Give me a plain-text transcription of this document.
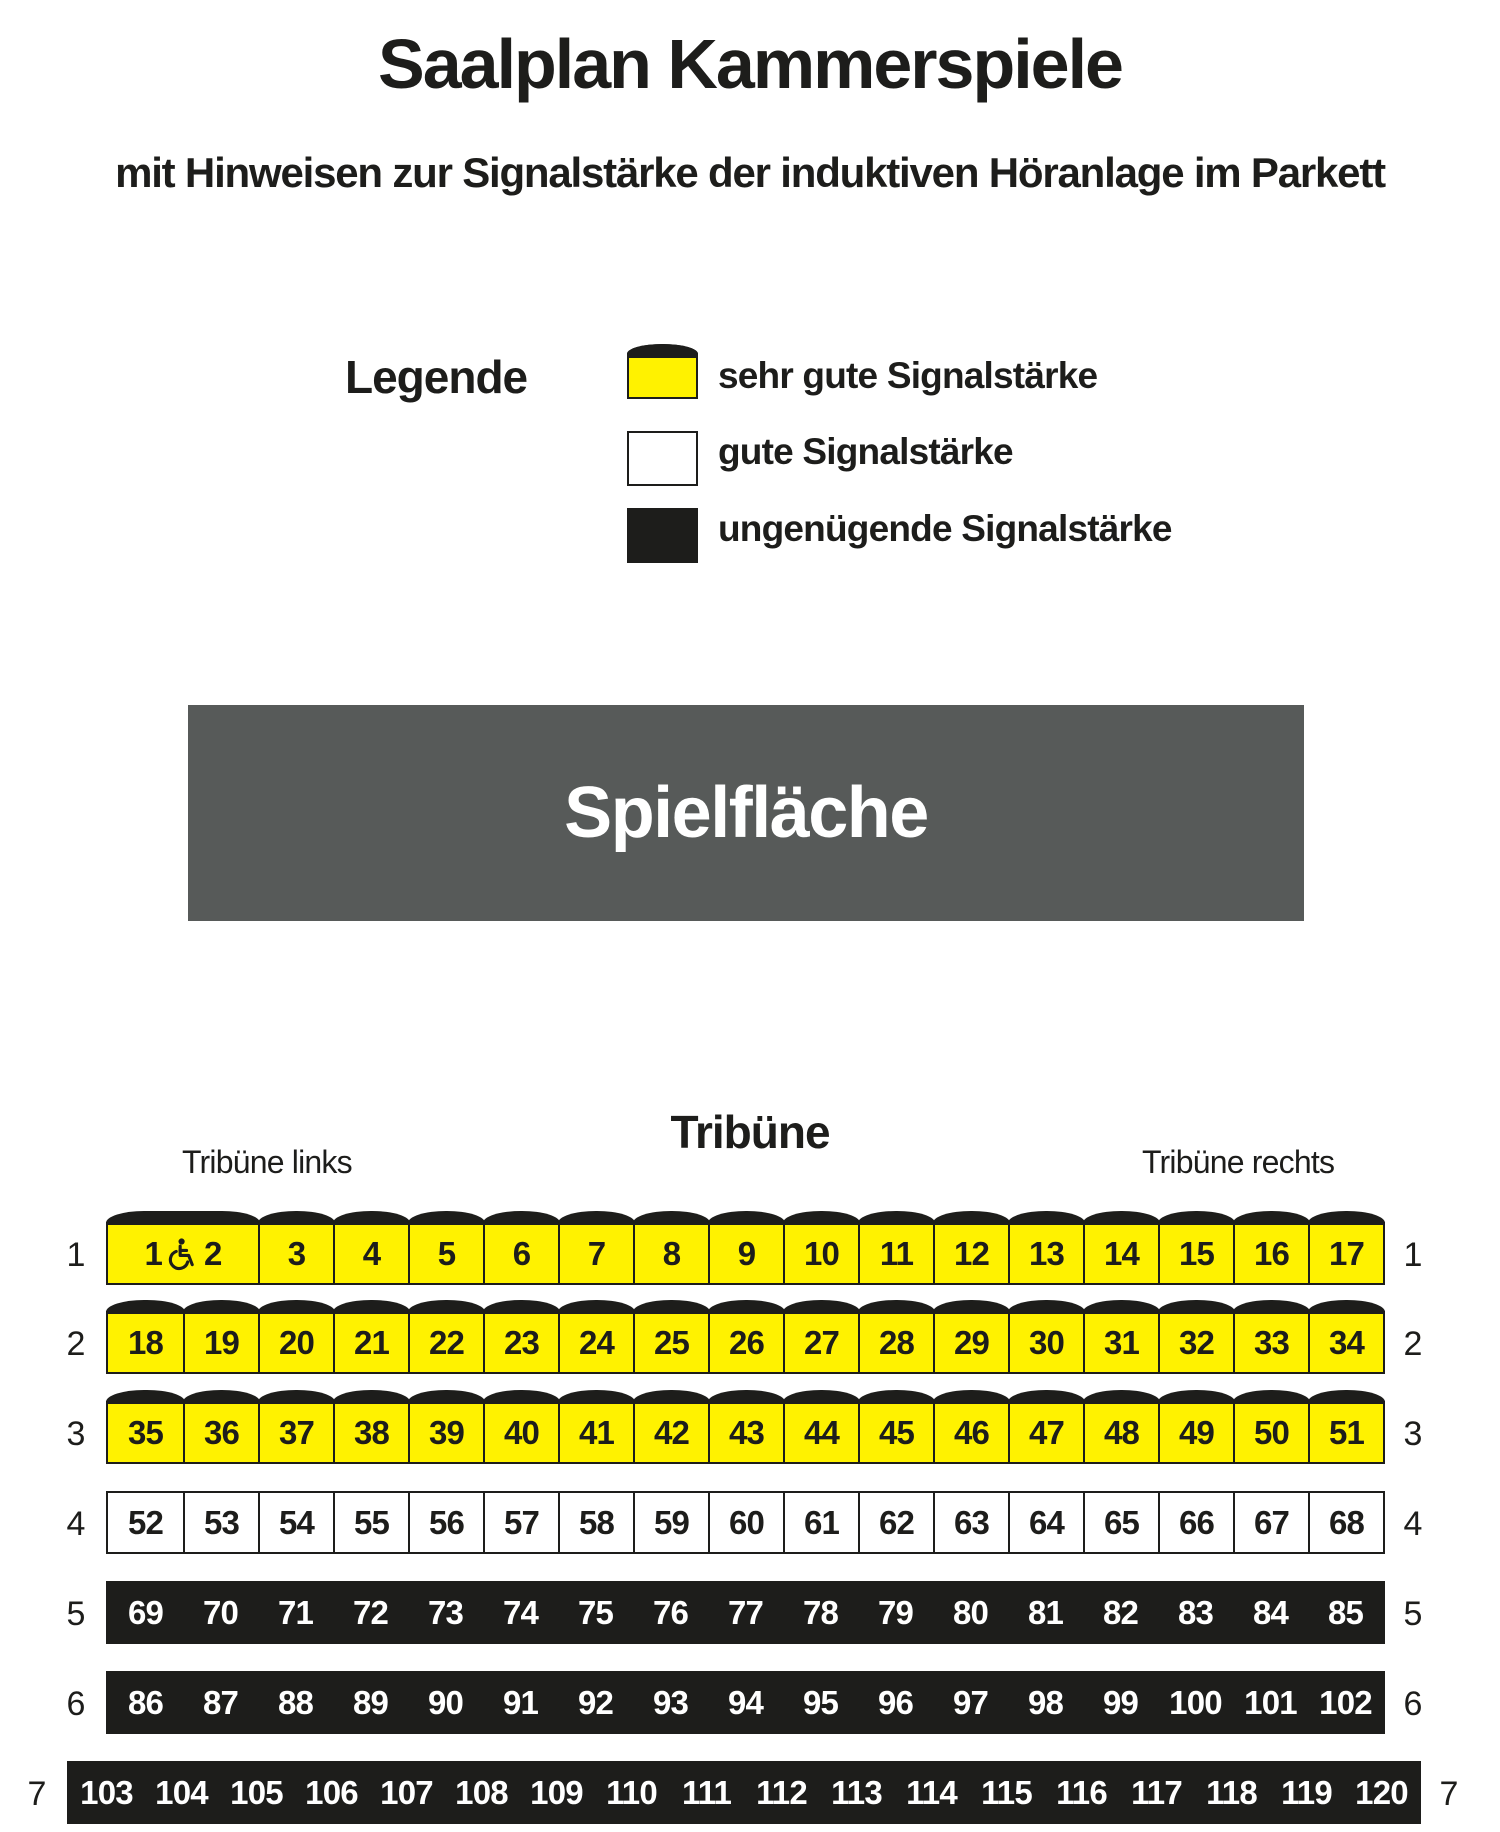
Saalplan Kammerspiele
mit Hinweisen zur Signalstärke der induktiven Höranlage im Parkett
Legende	sehr gute Signalstärke
gute Signalstärke
ungenügende Signalstärke
Spielfläche
Tribüne
Tribüne links	Tribüne rechts
1	1
1 2 3 4 5 6 7 8 9 10 11 12 13 14 15 16 17
2	2
18 19 20 21 22 23 24 25 26 27 28 29 30 31 32 33 34
3	3
35 36 37 38 39 40 41 42 43 44 45 46 47 48 49 50 51
4	4
52 53 54 55 56 57 58 59 60 61 62 63 64 65 66 67 68
5	5
69 70 71 72 73 74 75 76 77 78 79 80 81 82 83 84 85
6	6
86 87 88 89 90 91 92 93 94 95 96 97 98 99 100 101 102
7	7
103 104 105 106 107 108 109 110 111 112 113 114 115 116 117 118 119 120
